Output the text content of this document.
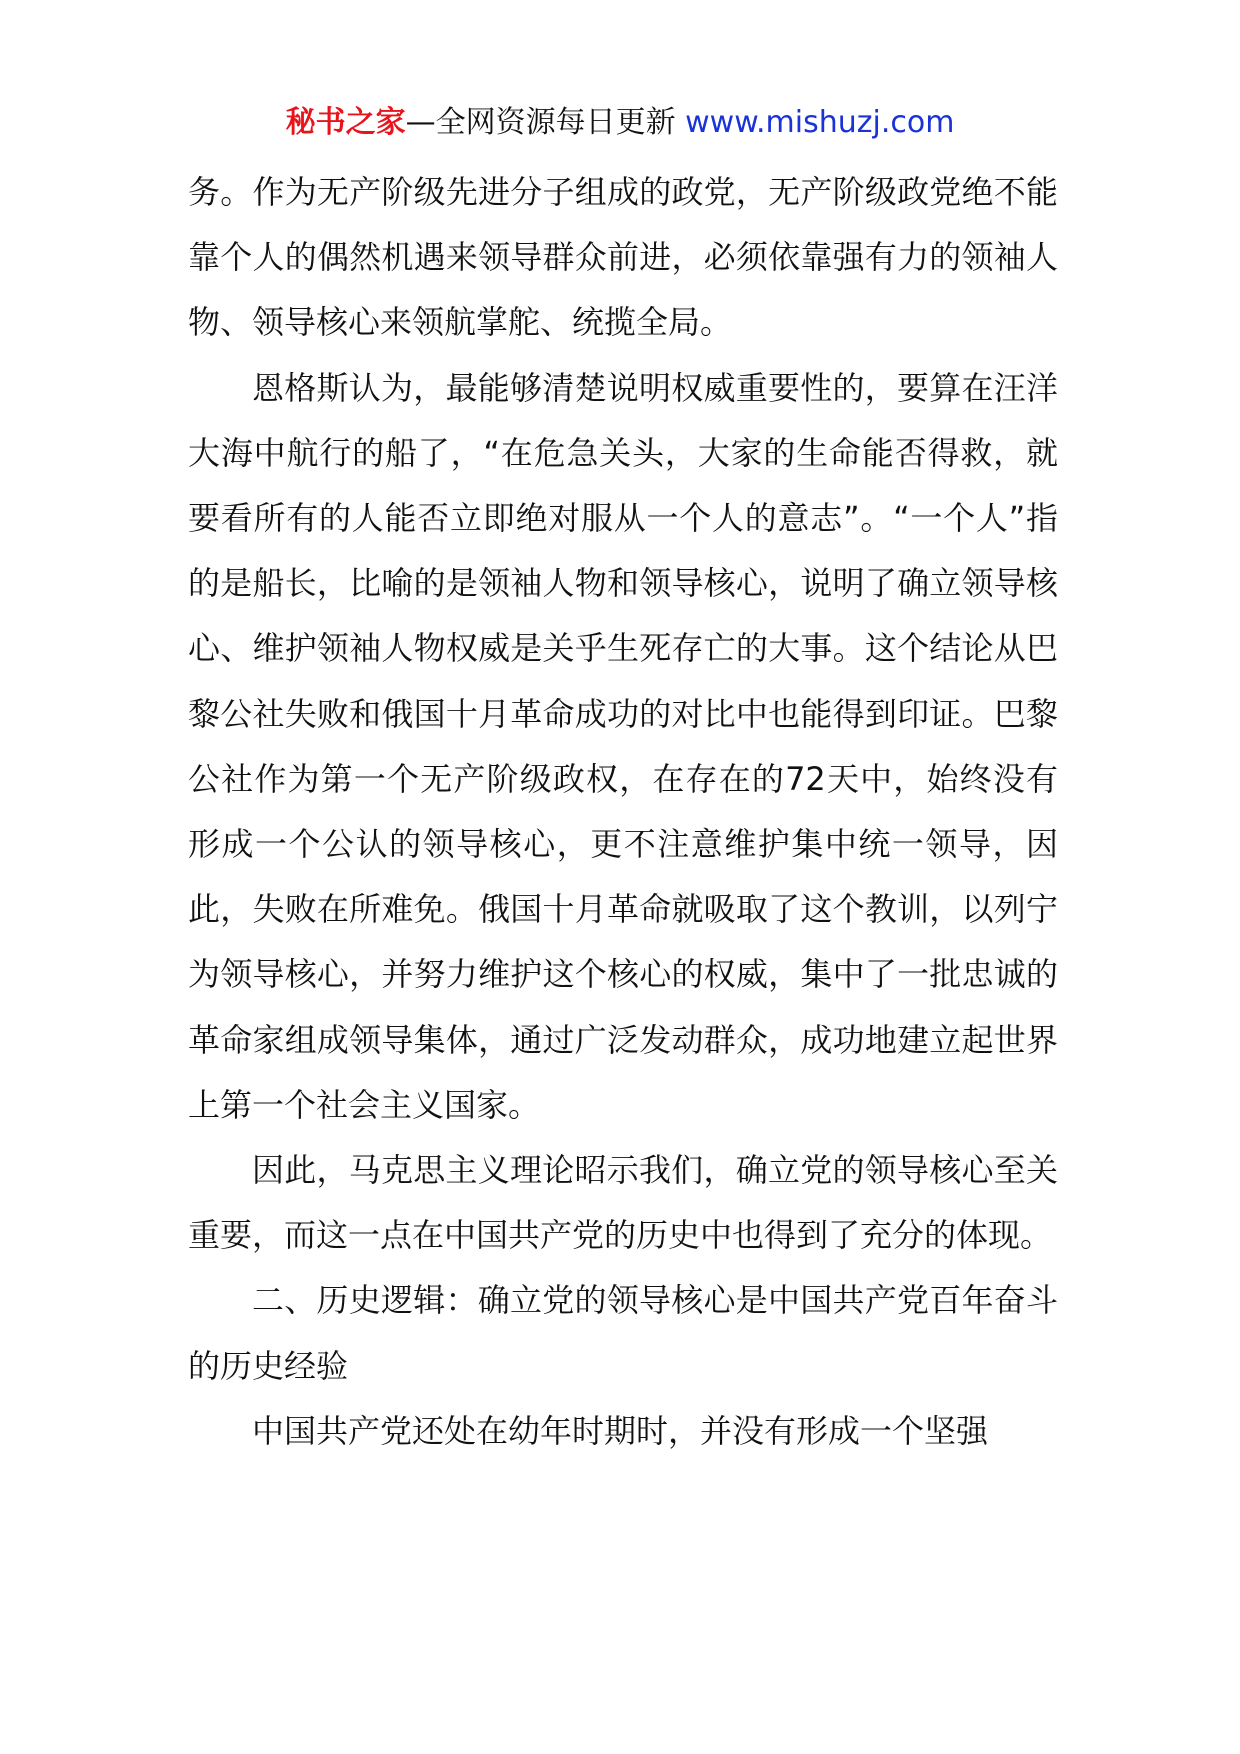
秘书之家—全网资源每日更新 www.mishuzj.com

务。作为无产阶级先进分子组成的政党，无产阶级政党绝不能靠个人的偶然机遇来领导群众前进，必须依靠强有力的领袖人物、领导核心来领航掌舵、统揽全局。

恩格斯认为，最能够清楚说明权威重要性的，要算在汪洋大海中航行的船了，“在危急关头，大家的生命能否得救，就要看所有的人能否立即绝对服从一个人的意志”。“一个人”指的是船长，比喻的是领袖人物和领导核心，说明了确立领导核心、维护领袖人物权威是关乎生死存亡的大事。这个结论从巴黎公社失败和俄国十月革命成功的对比中也能得到印证。巴黎公社作为第一个无产阶级政权，在存在的72天中，始终没有形成一个公认的领导核心，更不注意维护集中统一领导，因此，失败在所难免。俄国十月革命就吸取了这个教训，以列宁为领导核心，并努力维护这个核心的权威，集中了一批忠诚的革命家组成领导集体，通过广泛发动群众，成功地建立起世界上第一个社会主义国家。

因此，马克思主义理论昭示我们，确立党的领导核心至关重要，而这一点在中国共产党的历史中也得到了充分的体现。

二、历史逻辑：确立党的领导核心是中国共产党百年奋斗的历史经验

中国共产党还处在幼年时期时，并没有形成一个坚强
